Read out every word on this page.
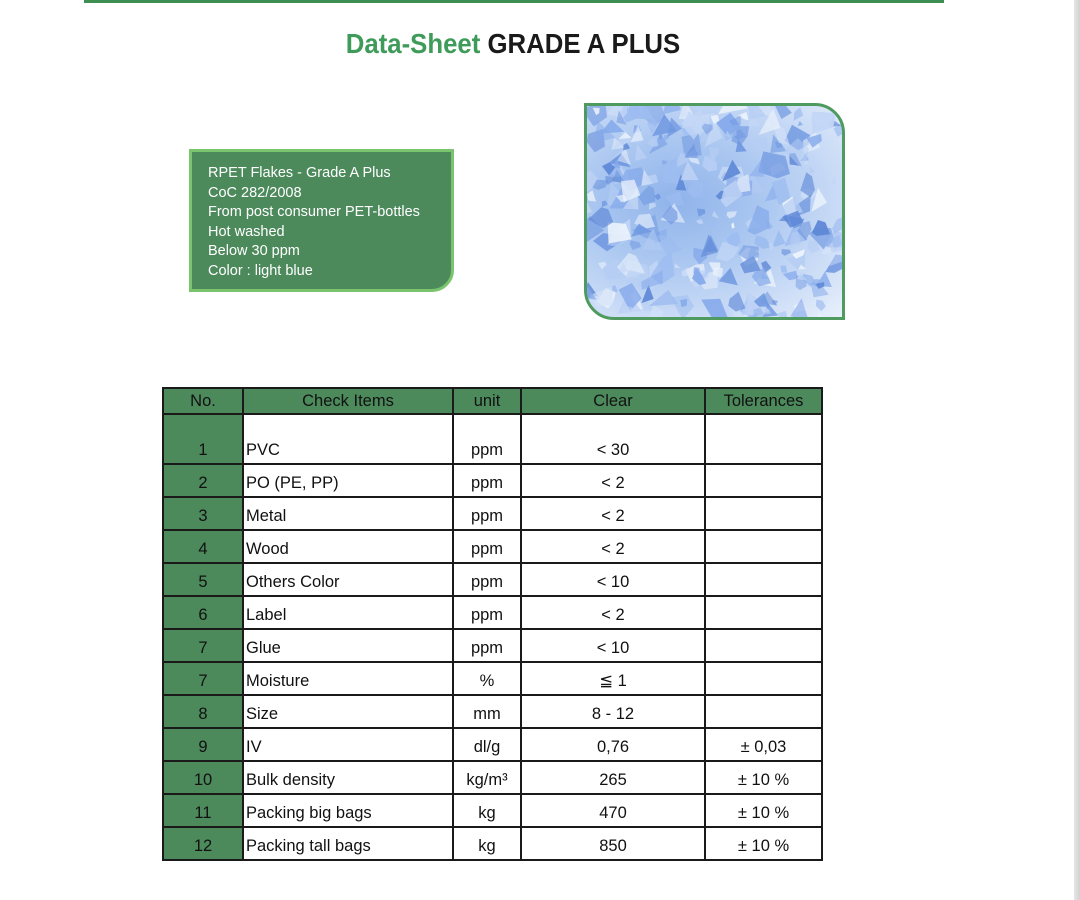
Data-Sheet GRADE A PLUS
RPET Flakes - Grade A Plus
CoC 282/2008
From post consumer PET-bottles
Hot washed
Below 30 ppm
Color : light blue
No.	Check Items	unit	Clear	Tolerances
1	PVC	ppm	< 30	
2	PO (PE, PP)	ppm	< 2	
3	Metal	ppm	< 2	
4	Wood	ppm	< 2	
5	Others Color	ppm	< 10	
6	Label	ppm	< 2	
7	Glue	ppm	< 10	
7	Moisture	%	≦ 1	
8	Size	mm	8 - 12	
9	IV	dl/g	0,76	± 0,03
10	Bulk density	kg/m³	265	± 10 %
11	Packing big bags	kg	470	± 10 %
12	Packing tall bags	kg	850	± 10 %
